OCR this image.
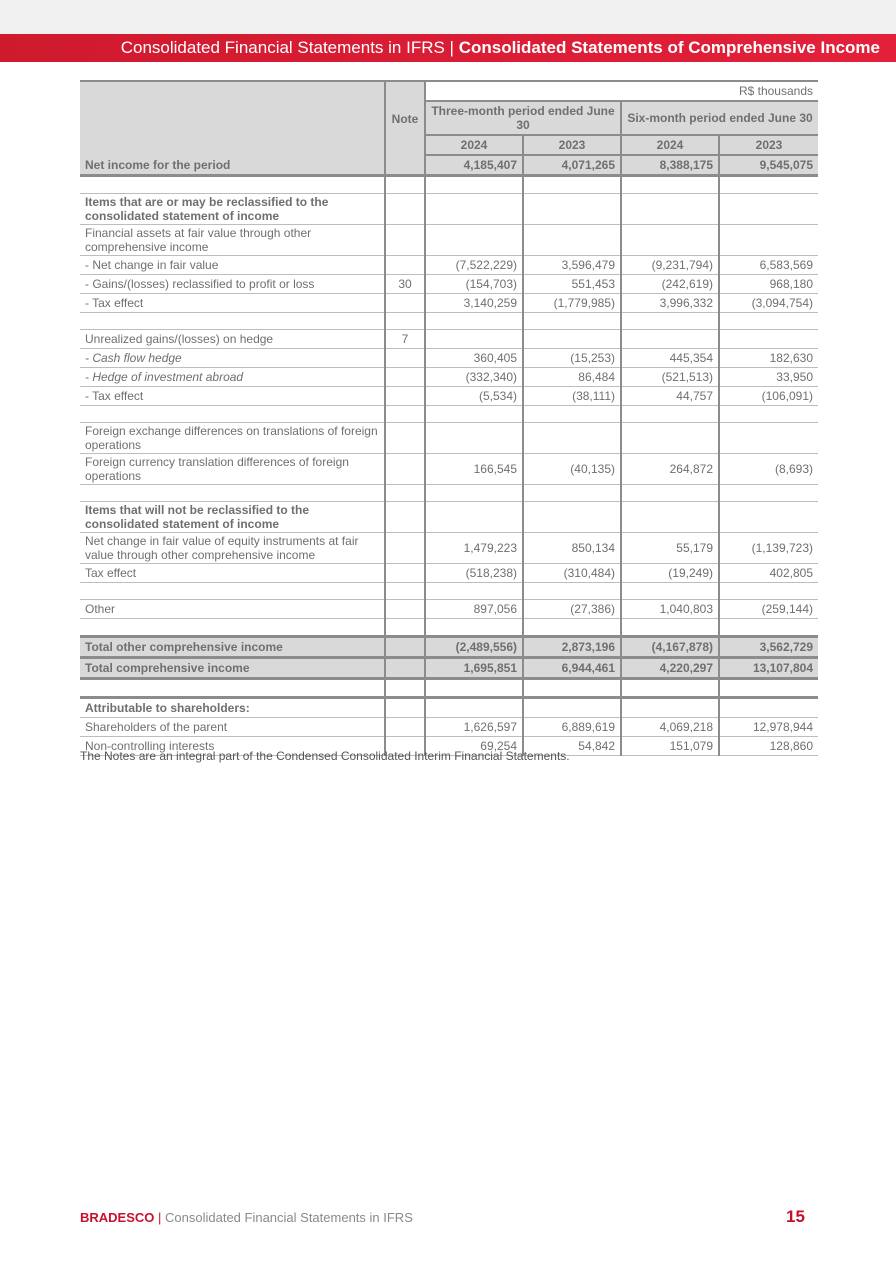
Consolidated Financial Statements in IFRS | Consolidated Statements of Comprehensive Income
	Note	R$ thousands			
		Three-month period ended June 30		Six-month period ended June 30	
		2024	2023	2024	2023
Net income for the period		4,185,407	4,071,265	8,388,175	9,545,075

Items that are or may be reclassified to the consolidated statement of income					
Financial assets at fair value through other comprehensive income					
- Net change in fair value		(7,522,229)	3,596,479	(9,231,794)	6,583,569
- Gains/(losses) reclassified to profit or loss	30	(154,703)	551,453	(242,619)	968,180
- Tax effect		3,140,259	(1,779,985)	3,996,332	(3,094,754)

Unrealized gains/(losses) on hedge	7				
- Cash flow hedge		360,405	(15,253)	445,354	182,630
- Hedge of investment abroad		(332,340)	86,484	(521,513)	33,950
- Tax effect		(5,534)	(38,111)	44,757	(106,091)

Foreign exchange differences on translations of foreign operations					
Foreign currency translation differences of foreign operations		166,545	(40,135)	264,872	(8,693)

Items that will not be reclassified to the consolidated statement of income					
Net change in fair value of equity instruments at fair value through other comprehensive income		1,479,223	850,134	55,179	(1,139,723)
Tax effect		(518,238)	(310,484)	(19,249)	402,805

Other		897,056	(27,386)	1,040,803	(259,144)

Total other comprehensive income		(2,489,556)	2,873,196	(4,167,878)	3,562,729
Total comprehensive income		1,695,851	6,944,461	4,220,297	13,107,804

Attributable to shareholders:					
Shareholders of the parent		1,626,597	6,889,619	4,069,218	12,978,944
Non-controlling interests		69,254	54,842	151,079	128,860
The Notes are an integral part of the Condensed Consolidated Interim Financial Statements.
BRADESCO | Consolidated Financial Statements in IFRS	15
